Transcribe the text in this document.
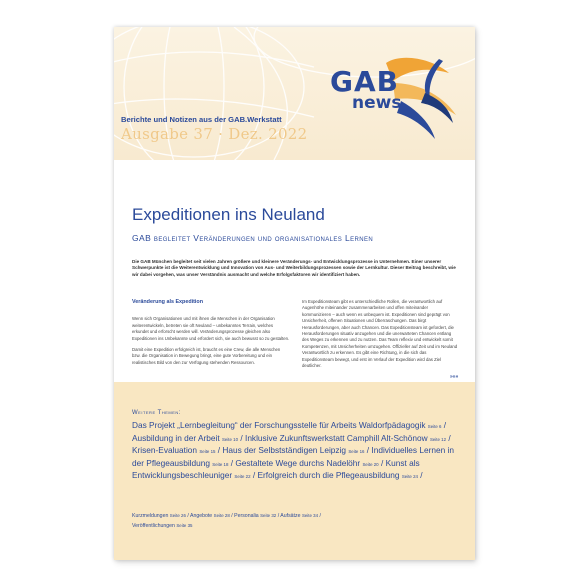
GAB
news
Berichte und Notizen aus der GAB.Werkstatt
Ausgabe 37 · Dez. 2022
Expeditionen ins Neuland
GAB begleitet Veränderungen und organisationales Lernen
Die GAB München begleitet seit vielen Jahren größere und kleinere Veränderungs- und Entwicklungsprozesse in Unternehmen. Einer unserer Schwerpunkte ist die Weiterentwicklung und Innovation von Aus- und Weiterbildungsprozessen sowie der Lernkultur. Dieser Beitrag beschreibt, wie wir dabei vorgehen, was unser Verständnis ausmacht und welche Erfolgsfaktoren wir identifiziert haben.
Veränderung als Expedition

Wenn sich Organisationen und mit ihnen die Menschen in der Organisation weiterentwickeln, betreten sie oft Neuland – unbekanntes Terrain, welches erkundet und erforscht werden will. Veränderungsprozesse gleichen also Expeditionen ins Unbekannte und erfordert sich, sie auch bewusst so zu gestalten.

Damit eine Expedition erfolgreich ist, braucht es eine Crew, die alle Menschen bzw. die Organisation in Bewegung bringt, eine gute Vorbereitung und ein realistisches Bild von den zur Verfügung stehenden Ressourcen.

Im Expeditionsteam gibt es unterschiedliche Rollen, die verantwortlich auf Augenhöhe miteinander zusammenarbeiten und offen miteinander kommunizieren – auch wenn es unbequem ist. Expeditionen sind geprägt von Unsicherheit, offenen Situationen und Überraschungen. Das birgt Herausforderungen, aber auch Chancen. Das Expeditionsteam ist gefordert, die Herausforderungen situativ anzugehen und die unerwarteten Chancen entlang des Weges zu erkennen und zu nutzen. Das Team reflexiv und entwickelt somit Kompetenzen, mit Unsicherheiten umzugehen. Offizieller auf Zeit und im Neuland Verantwortlich zu erkennen. Es gibt eine Richtung, in die sich das Expeditionsteam bewegt, und erst im Verlauf der Expedition wird das Ziel deutlicher.

»»»
Weitere Themen:
Das Projekt „Lernbegleitung“ der Forschungsstelle für Arbeits Waldorfpädagogik Seite 6 /
Ausbildung in der Arbeit Seite 10 / Inklusive Zukunftswerkstatt Camphill Alt-Schönow Seite 12 /
Krisen-Evaluation Seite 15 / Haus der Selbstständigen Leipzig Seite 16 / Individuelles Lernen in der Pflegeausbildung Seite 18 / Gestaltete Wege durchs Nadelöhr Seite 20 / Kunst als Entwicklungsbeschleuniger Seite 22 / Erfolgreich durch die Pflegeausbildung Seite 24 /
Kurzmeldungen Seite 26 / Angebote Seite 28 / Personalia Seite 32 / Aufsätze Seite 34 /
Veröffentlichungen Seite 35
